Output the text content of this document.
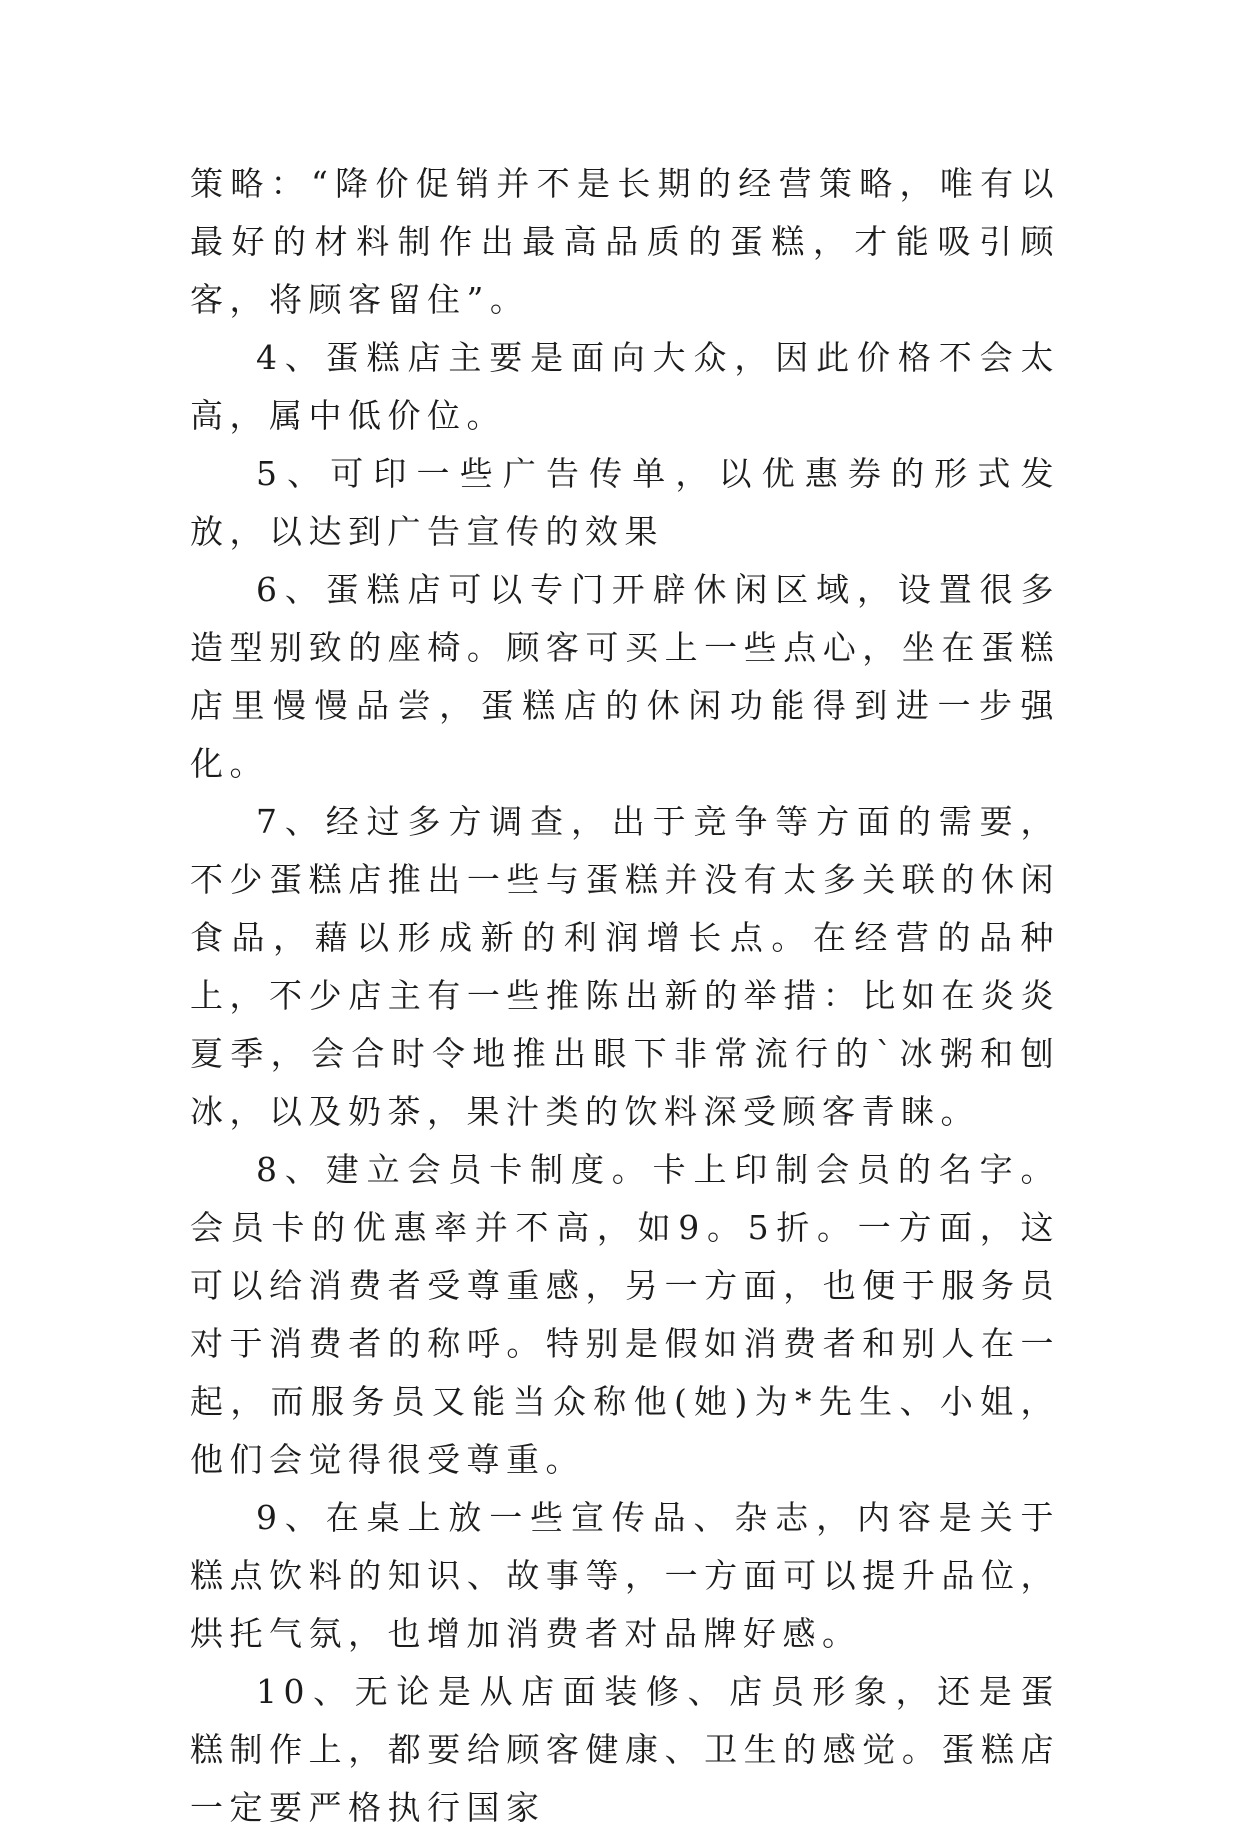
策略：“降价促销并不是长期的经营策略，唯有以最好的材料制作出最高品质的蛋糕，才能吸引顾客，将顾客留住”。

4、蛋糕店主要是面向大众，因此价格不会太高，属中低价位。

5、可印一些广告传单，以优惠券的形式发放，以达到广告宣传的效果

6、蛋糕店可以专门开辟休闲区域，设置很多造型别致的座椅。顾客可买上一些点心，坐在蛋糕店里慢慢品尝，蛋糕店的休闲功能得到进一步强化。

7、经过多方调查，出于竞争等方面的需要，不少蛋糕店推出一些与蛋糕并没有太多关联的休闲食品，藉以形成新的利润增长点。在经营的品种上，不少店主有一些推陈出新的举措：比如在炎炎夏季，会合时令地推出眼下非常流行的`冰粥和刨冰，以及奶茶，果汁类的饮料深受顾客青睐。

8、建立会员卡制度。卡上印制会员的名字。会员卡的优惠率并不高，如9。5折。一方面，这可以给消费者受尊重感，另一方面，也便于服务员对于消费者的称呼。特别是假如消费者和别人在一起，而服务员又能当众称他(她)为*先生、小姐，他们会觉得很受尊重。

9、在桌上放一些宣传品、杂志，内容是关于糕点饮料的知识、故事等，一方面可以提升品位，烘托气氛，也增加消费者对品牌好感。

10、无论是从店面装修、店员形象，还是蛋糕制作上，都要给顾客健康、卫生的感觉。蛋糕店一定要严格执行国家
